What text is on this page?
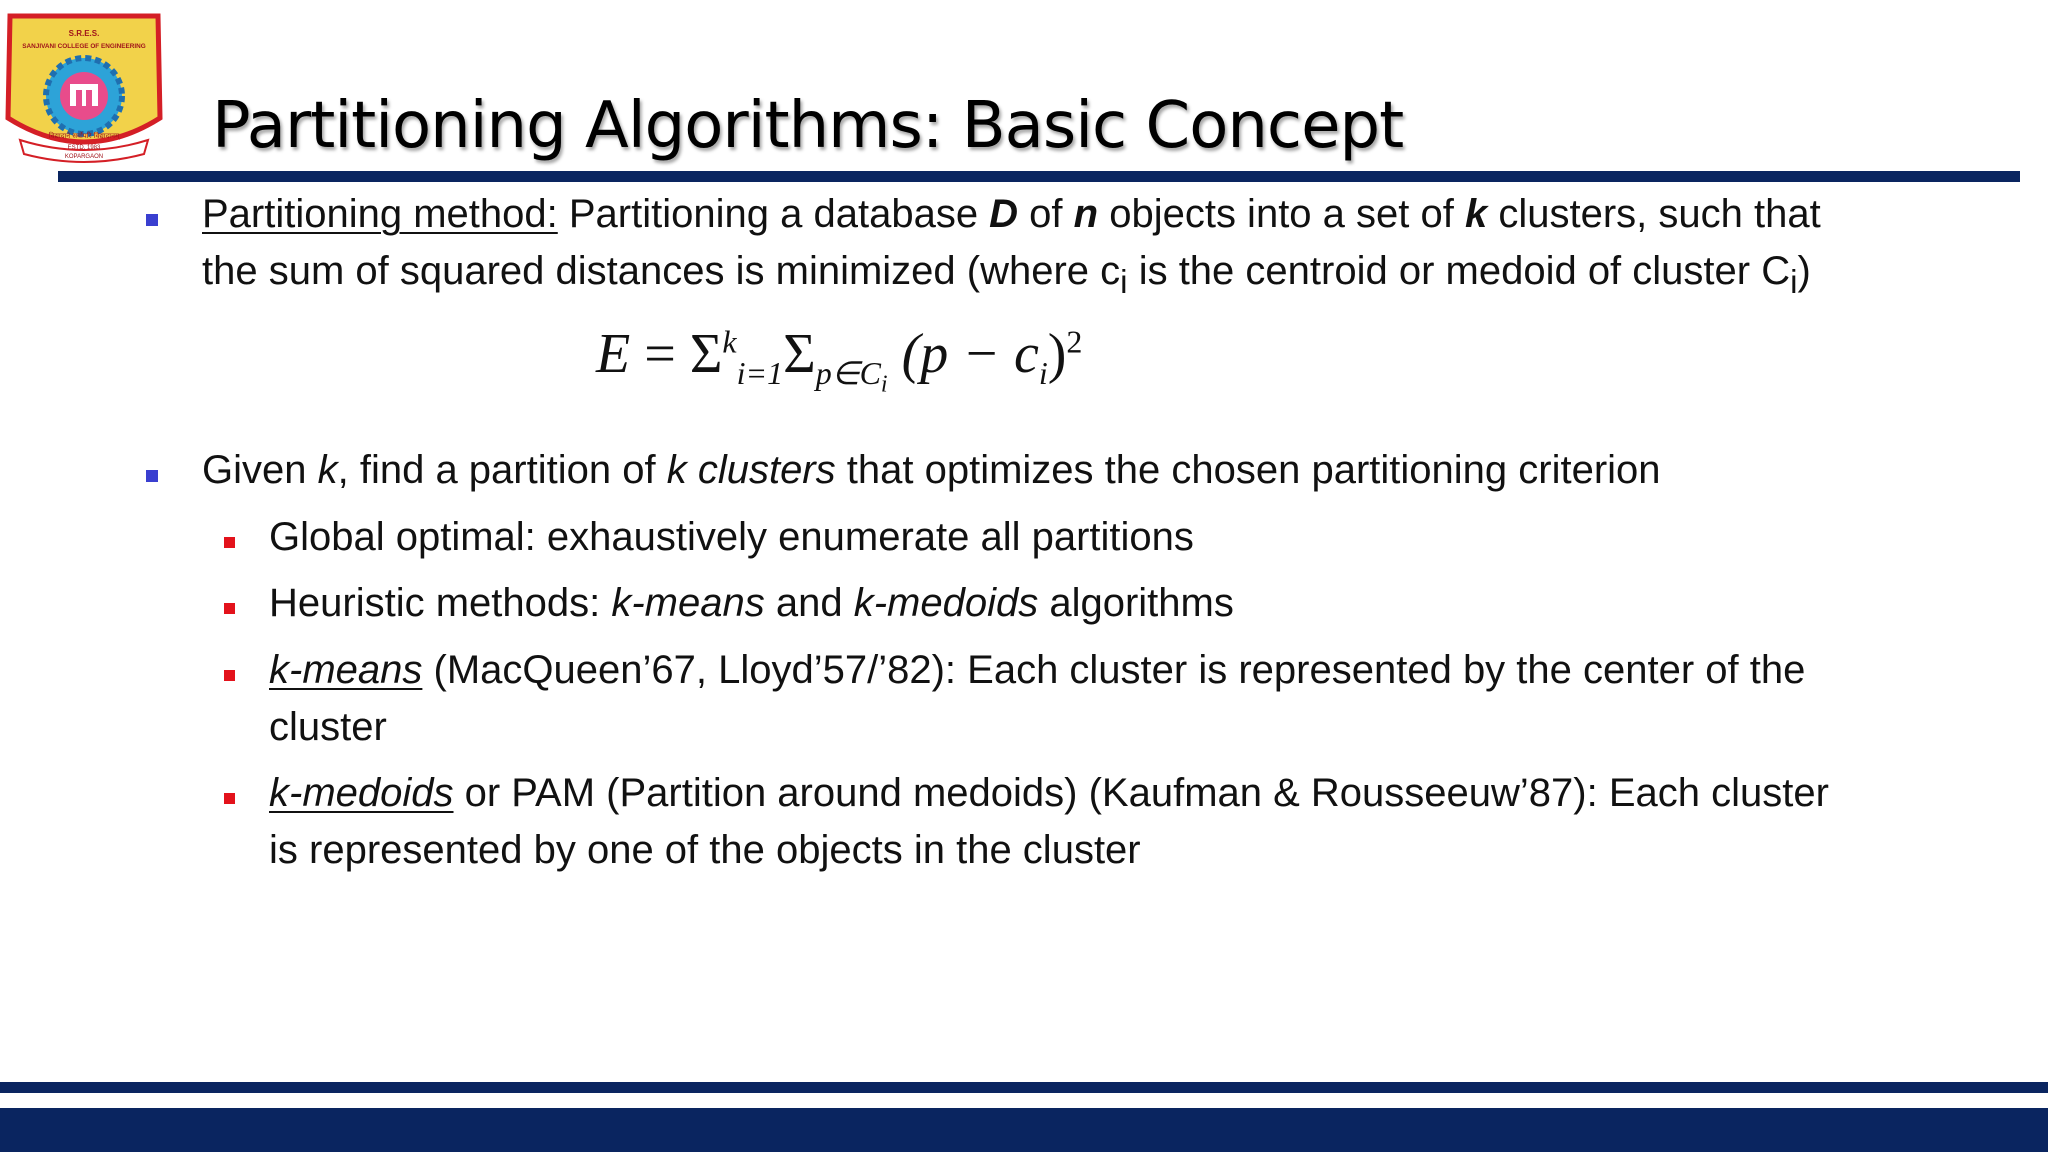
S.R.E.S.
SANJIVANI COLLEGE OF ENGINEERING
विद्यादाने सर्वोपरि विद्यादानम्
ESTD. 1983
KOPARGAON Partitioning Algorithms: Basic Concept
Partitioning method: Partitioning a database D of n objects into a set of k clusters, such that
the sum of squared distances is minimized (where $c_i$ is the centroid or medoid of cluster $C_i$)
$E = \Sigma^k_{i=1}\Sigma_{p\in C_i}$ $(p - c_i)^2$
Given k, find a partition of k clusters that optimizes the chosen partitioning criterion
Global optimal: exhaustively enumerate all partitions
Heuristic methods: k-means and k-medoids algorithms
k-means (MacQueen’67, Lloyd’57/’82): Each cluster is represented by the center of the
cluster
k-medoids or PAM (Partition around medoids) (Kaufman & Rousseeuw’87): Each cluster
is represented by one of the objects in the cluster
